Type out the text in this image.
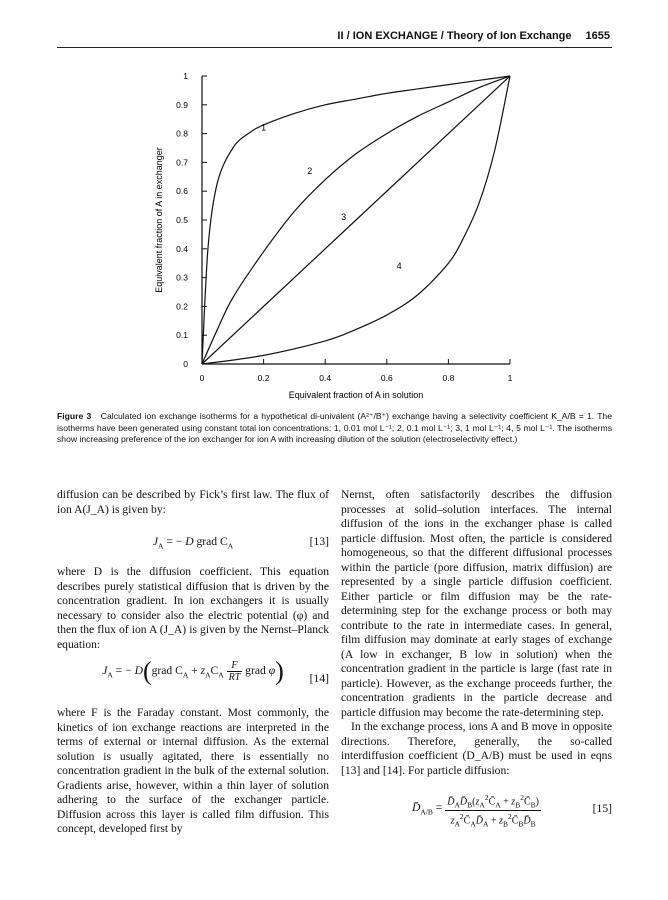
II / ION EXCHANGE / Theory of Ion Exchange 1655
0	0.2	0.4	0.6	0.8	1
0
0.1
0.2
0.3
0.4
0.5
0.6
0.7
0.8
0.9
1
Equivalent fraction of A in solution
Equivalent fraction of A in exchanger
1
2
3
4
Figure 3 Calculated ion exchange isotherms for a hypothetical di-univalent (A²⁺/B⁺) exchange having a selectivity coefficient K_A/B = 1. The isotherms have been generated using constant total ion concentrations: 1, 0.01 mol L⁻¹; 2, 0.1 mol L⁻¹; 3, 1 mol L⁻¹; 4, 5 mol L⁻¹. The isotherms show increasing preference of the ion exchanger for ion A with increasing dilution of the solution (electroselectivity effect.)

diffusion can be described by Fick’s first law. The flux of ion A(J_A) is given by:

$J_A$ = − D grad $C_A$	[13]

where D is the diffusion coefficient. This equation describes purely statistical diffusion that is driven by the concentration gradient. In ion exchangers it is usually necessary to consider also the electric potential (φ) and then the flux of ion A (J_A) is given by the Nernst–Planck equation:

$J_A$ = − D(grad $C_A + z_AC_A \frac{F}{RT}$ grad φ)	[14]

where F is the Faraday constant. Most commonly, the kinetics of ion exchange reactions are interpreted in the terms of external or internal diffusion. As the external solution is usually agitated, there is essentially no concentration gradient in the bulk of the external solution. Gradients arise, however, within a thin layer of solution adhering to the surface of the exchanger particle. Diffusion across this layer is called film diffusion. This concept, developed first by

Nernst, often satisfactorily describes the diffusion processes at solid–solution interfaces. The internal diffusion of the ions in the exchanger phase is called particle diffusion. Most often, the particle is considered homogeneous, so that the different diffusional processes within the particle (pore diffusion, matrix diffusion) are represented by a single particle diffusion coefficient. Either particle or film diffusion may be the rate-determining step for the exchange process or both may contribute to the rate in intermediate cases. In general, film diffusion may dominate at early stages of exchange (A low in exchanger, B low in solution) when the concentration gradient in the particle is large (fast rate in particle). However, as the exchange proceeds further, the concentration gradients in the particle decrease and particle diffusion may become the rate-determining step.

In the exchange process, ions A and B move in opposite directions. Therefore, generally, the so-called interdiffusion coefficient (D_A/B) must be used in eqns [13] and [14]. For particle diffusion:

$D̄_{A/B} = \frac{D̄_AD̄_B(z_A^2C̄_A + z_B^2C̄_B)}{z_A^2C̄_AD̄_A + z_B^2C̄_BD̄_B}$	[15]
